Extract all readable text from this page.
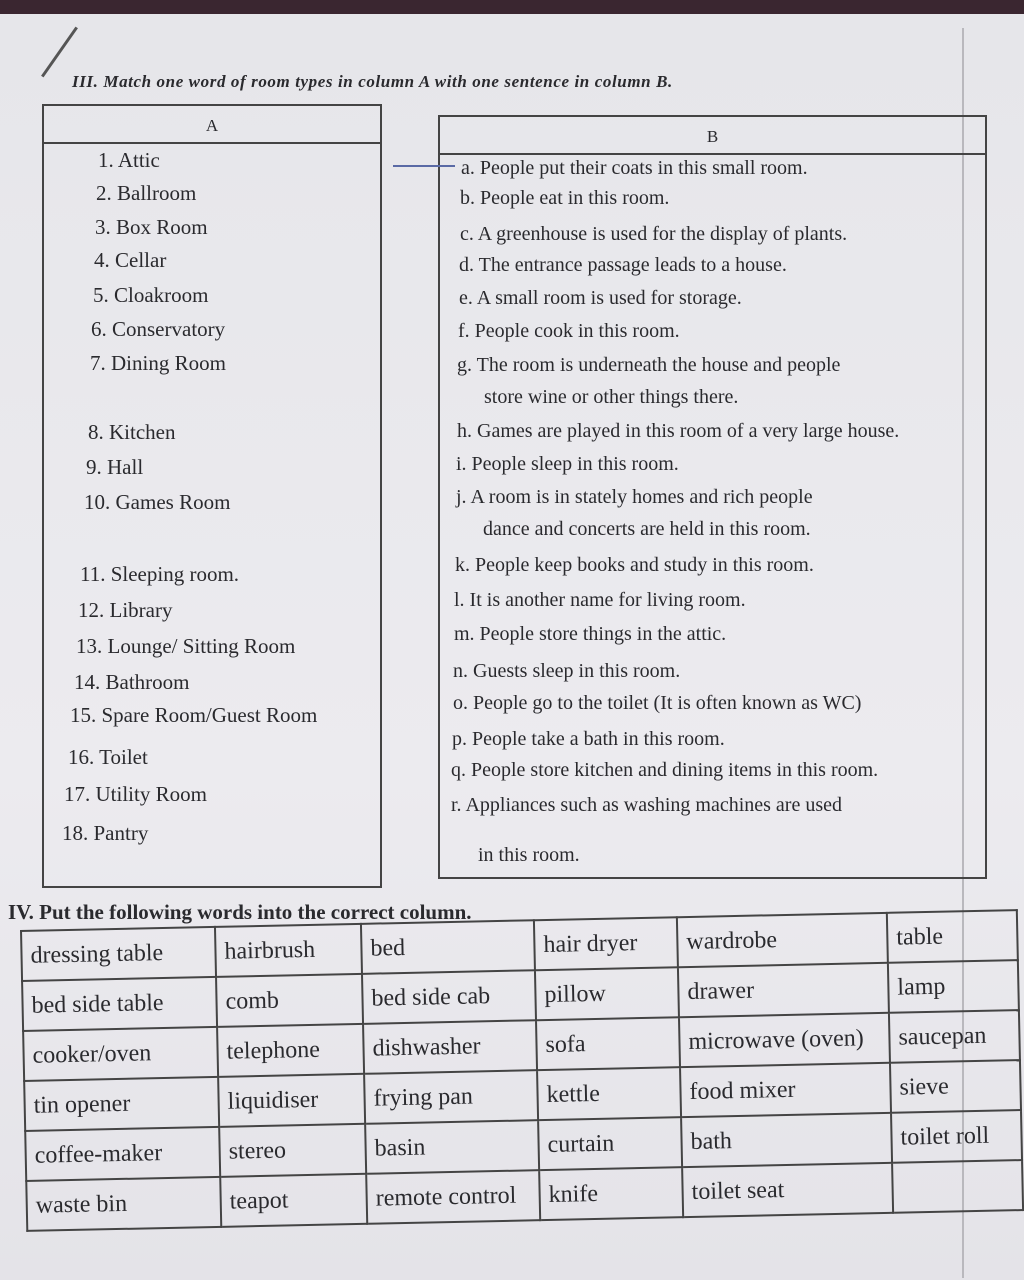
III. Match one word of room types in column A with one sentence in column B.
A
B
1. Attic
2. Ballroom
3. Box Room
4. Cellar
5. Cloakroom
6. Conservatory
7. Dining Room
8. Kitchen
9. Hall
10. Games Room
11. Sleeping room.
12. Library
13. Lounge/ Sitting Room
14. Bathroom
15. Spare Room/Guest Room
16. Toilet
17. Utility Room
18. Pantry
a. People put their coats in this small room.
b. People eat in this room.
c. A greenhouse is used for the display of plants.
d. The entrance passage leads to a house.
e. A small room is used for storage.
f. People cook in this room.
g. The room is underneath the house and people
store wine or other things there.
h. Games are played in this room of a very large house.
i. People sleep in this room.
j. A room is in stately homes and rich people
dance and concerts are held in this room.
k. People keep books and study in this room.
l. It is another name for living room.
m. People store things in the attic.
n. Guests sleep in this room.
o. People go to the toilet (It is often known as WC)
p. People take a bath in this room.
q. People store kitchen and dining items in this room.
r. Appliances such as washing machines are used
in this room.
IV. Put the following words into the correct column.
dressing table	hairbrush	bed	hair dryer	wardrobe	table
bed side table	comb	bed side cab	pillow	drawer	lamp
cooker/oven	telephone	dishwasher	sofa	microwave (oven)	saucepan
tin opener	liquidiser	frying pan	kettle	food mixer	sieve
coffee-maker	stereo	basin	curtain	bath	toilet roll
waste bin	teapot	remote control	knife	toilet seat	
